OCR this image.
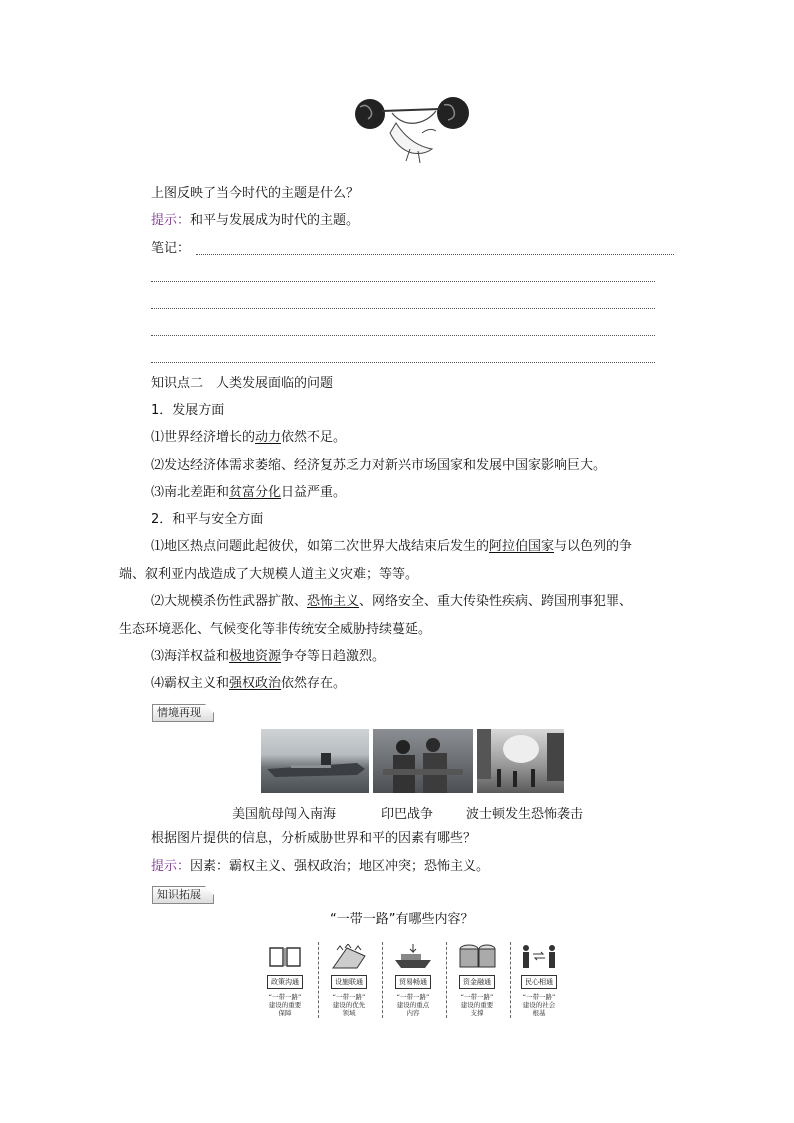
上图反映了当今时代的主题是什么？
提示：和平与发展成为时代的主题。
笔记：
知识点二　人类发展面临的问题
1．发展方面
⑴世界经济增长的动力依然不足。
⑵发达经济体需求萎缩、经济复苏乏力对新兴市场国家和发展中国家影响巨大。
⑶南北差距和贫富分化日益严重。
2．和平与安全方面
⑴地区热点问题此起彼伏，如第二次世界大战结束后发生的阿拉伯国家与以色列的争
端、叙利亚内战造成了大规模人道主义灾难；等等。
⑵大规模杀伤性武器扩散、恐怖主义、网络安全、重大传染性疾病、跨国刑事犯罪、
生态环境恶化、气候变化等非传统安全威胁持续蔓延。
⑶海洋权益和极地资源争夺等日趋激烈。
⑷霸权主义和强权政治依然存在。
情境再现
美国航母闯入南海	印巴战争	波士顿发生恐怖袭击
根据图片提供的信息，分析威胁世界和平的因素有哪些？
提示：因素：霸权主义、强权政治；地区冲突；恐怖主义。
知识拓展
“一带一路”有哪些内容？
政策沟通
“一带一路”
建设的重要
保障
设施联通
“一带一路”
建设的优先
领域
贸易畅通
“一带一路”
建设的重点
内容
资金融通
“一带一路”
建设的重要
支撑
民心相通
“一带一路”
建设的社会
根基
